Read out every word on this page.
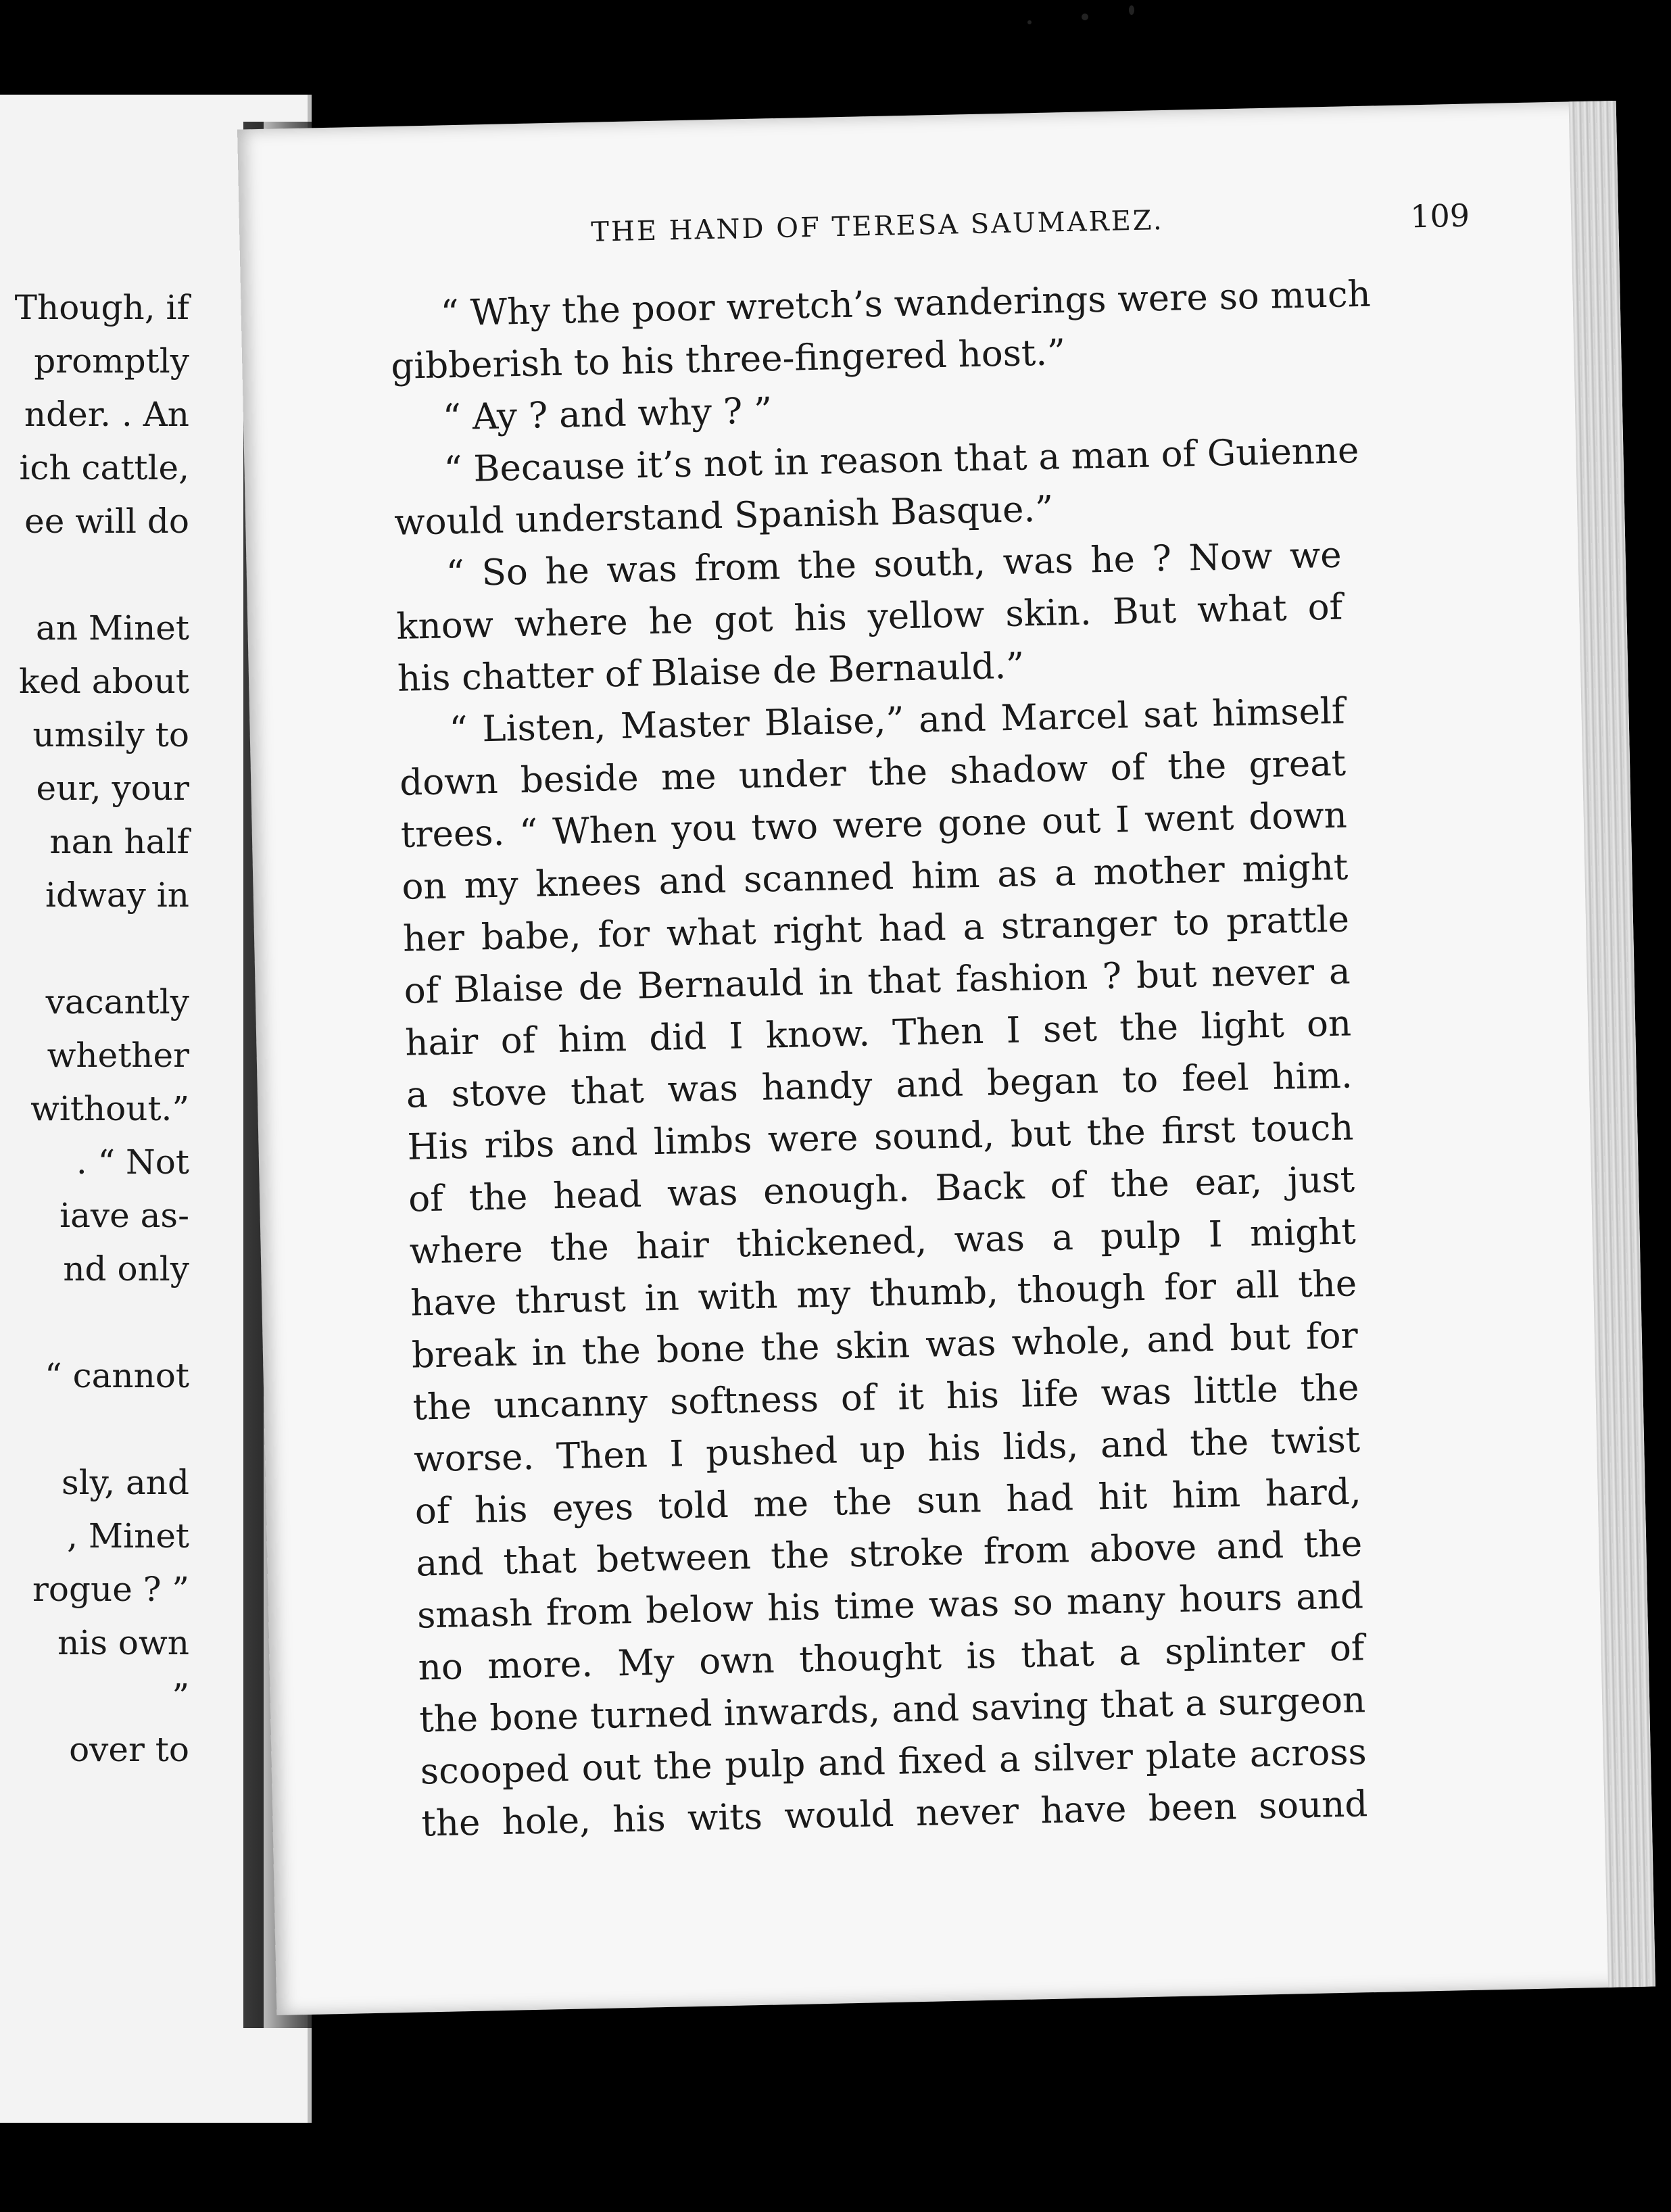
Though, if
promptly
nder. . An
ich cattle,
ee will do
an Minet
ked about
umsily to
eur, your
nan half
idway in
vacantly
whether
without.”
. “ Not
iave as-
nd only
“ cannot
sly, and
, Minet
rogue ? ”
nis own
”
over to
THE HAND OF TERESA SAUMAREZ.	109
“ Why the poor wretch’s wanderings were so much
gibberish to his three-fingered host.”
“ Ay ? and why ? ”
“ Because it’s not in reason that a man of Guienne
would understand Spanish Basque.”
“ So he was from the south, was he ? Now we
know where he got his yellow skin. But what of
his chatter of Blaise de Bernauld.”
“ Listen, Master Blaise,” and Marcel sat himself
down beside me under the shadow of the great
trees. “ When you two were gone out I went down
on my knees and scanned him as a mother might
her babe, for what right had a stranger to prattle
of Blaise de Bernauld in that fashion ? but never a
hair of him did I know. Then I set the light on
a stove that was handy and began to feel him.
His ribs and limbs were sound, but the first touch
of the head was enough. Back of the ear, just
where the hair thickened, was a pulp I might
have thrust in with my thumb, though for all the
break in the bone the skin was whole, and but for
the uncanny softness of it his life was little the
worse. Then I pushed up his lids, and the twist
of his eyes told me the sun had hit him hard,
and that between the stroke from above and the
smash from below his time was so many hours and
no more. My own thought is that a splinter of
the bone turned inwards, and saving that a surgeon
scooped out the pulp and fixed a silver plate across
the hole, his wits would never have been sound
